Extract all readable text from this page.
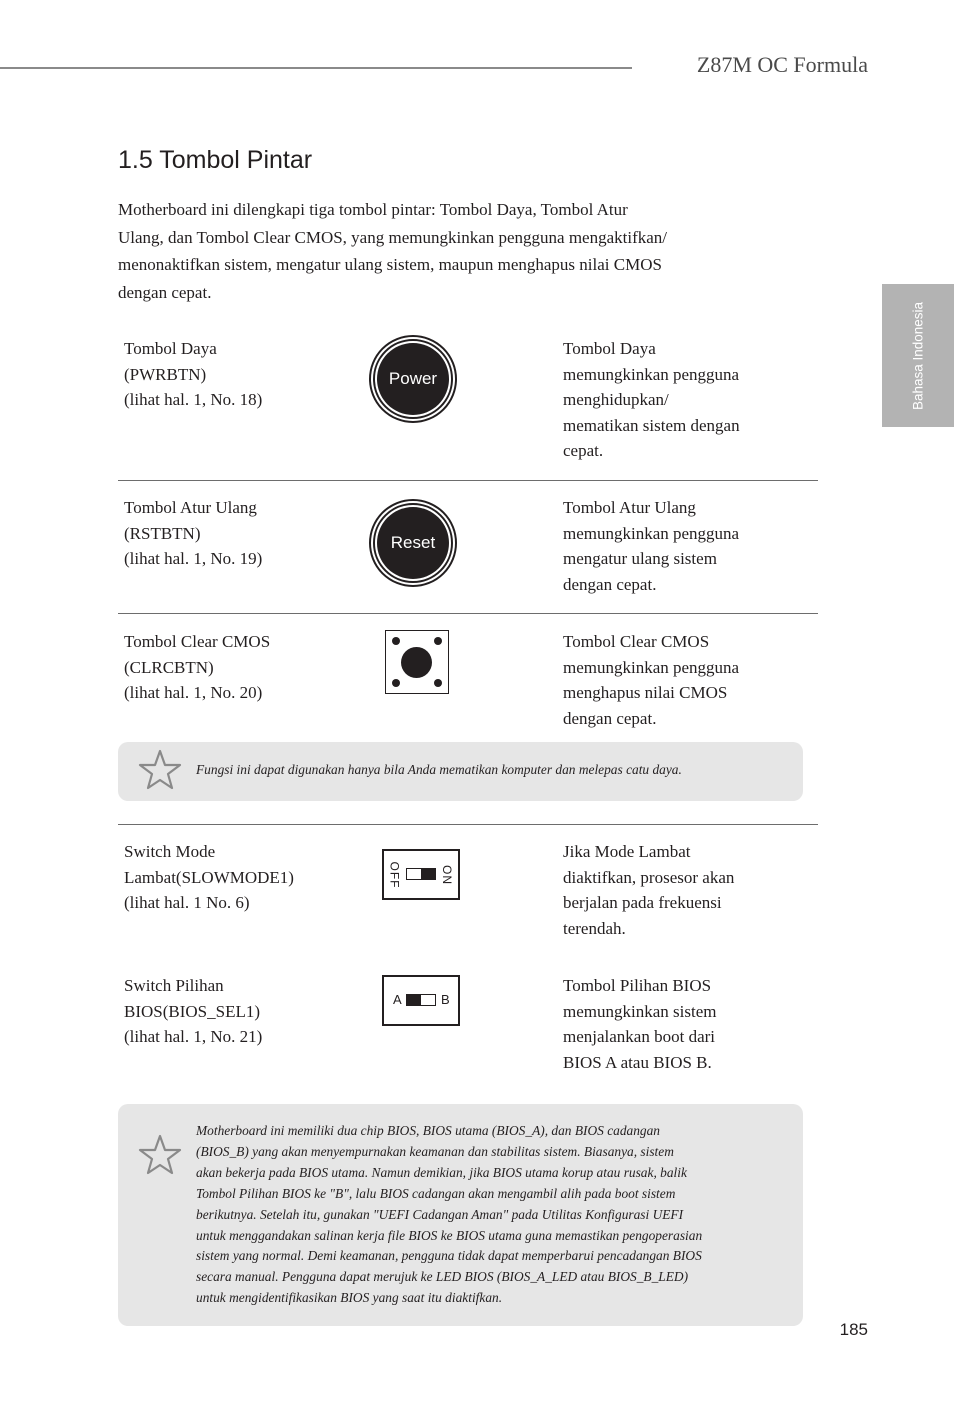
Z87M OC Formula
Bahasa Indonesia
1.5 Tombol Pintar
Motherboard ini dilengkapi tiga tombol pintar: Tombol Daya, Tombol Atur
Ulang, dan Tombol Clear CMOS, yang memungkinkan pengguna mengaktifkan/
menonaktifkan sistem, mengatur ulang sistem, maupun menghapus nilai CMOS
dengan cepat.
Tombol Daya
(PWRBTN)
(lihat hal. 1, No. 18)
Power
Tombol Daya
memungkinkan pengguna
menghidupkan/
mematikan sistem dengan
cepat.
Tombol Atur Ulang
(RSTBTN)
(lihat hal. 1, No. 19)
Reset
Tombol Atur Ulang
memungkinkan pengguna
mengatur ulang sistem
dengan cepat.
Tombol Clear CMOS
(CLRCBTN)
(lihat hal. 1, No. 20)
Tombol Clear CMOS
memungkinkan pengguna
menghapus nilai CMOS
dengan cepat.
Fungsi ini dapat digunakan hanya bila Anda mematikan komputer dan melepas catu daya.
Switch Mode
Lambat(SLOWMODE1)
(lihat hal. 1 No. 6)
OFF	ON
Jika Mode Lambat
diaktifkan, prosesor akan
berjalan pada frekuensi
terendah.
Switch Pilihan
BIOS(BIOS_SEL1)
(lihat hal. 1, No. 21)
A	B
Tombol Pilihan BIOS
memungkinkan sistem
menjalankan boot dari
BIOS A atau BIOS B.
Motherboard ini memiliki dua chip BIOS, BIOS utama (BIOS_A), dan BIOS cadangan
(BIOS_B) yang akan menyempurnakan keamanan dan stabilitas sistem. Biasanya, sistem
akan bekerja pada BIOS utama. Namun demikian, jika BIOS utama korup atau rusak, balik
Tombol Pilihan BIOS ke "B", lalu BIOS cadangan akan mengambil alih pada boot sistem
berikutnya. Setelah itu, gunakan "UEFI Cadangan Aman" pada Utilitas Konfigurasi UEFI
untuk menggandakan salinan kerja file BIOS ke BIOS utama guna memastikan pengoperasian
sistem yang normal. Demi keamanan, pengguna tidak dapat memperbarui pencadangan BIOS
secara manual. Pengguna dapat merujuk ke LED BIOS (BIOS_A_LED atau BIOS_B_LED)
untuk mengidentifikasikan BIOS yang saat itu diaktifkan.
185
